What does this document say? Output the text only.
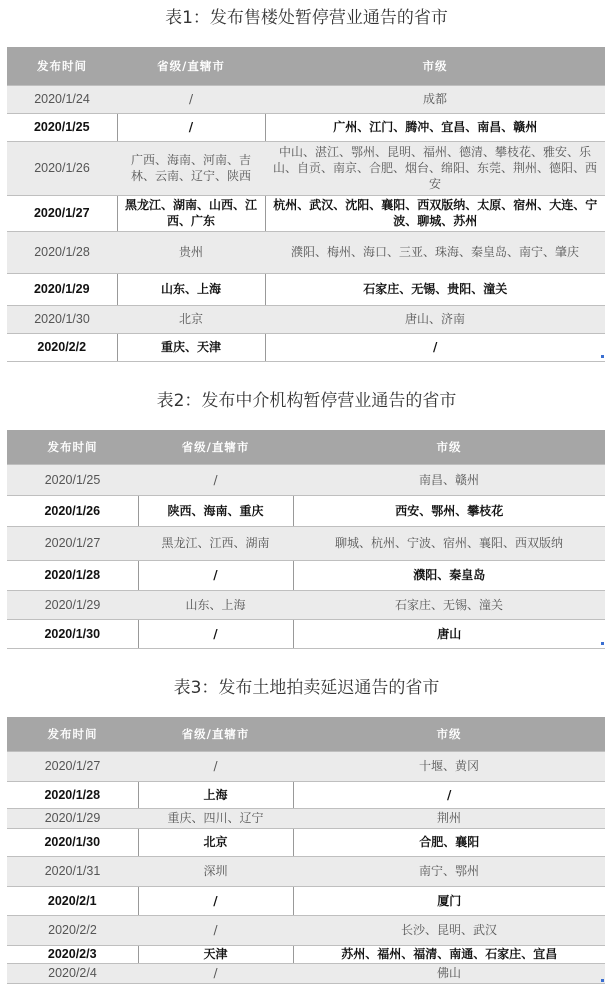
表1：发布售楼处暂停营业通告的省市
发布时间	省级/直辖市	市级
2020/1/24	/	成都
2020/1/25	/	广州、江门、腾冲、宜昌、南昌、赣州
2020/1/26	广西、海南、河南、吉林、云南、辽宁、陕西	中山、湛江、鄂州、昆明、福州、德清、攀枝花、雅安、乐山、自贡、南京、合肥、烟台、绵阳、东莞、荆州、德阳、西安
2020/1/27	黑龙江、湖南、山西、江西、广东	杭州、武汉、沈阳、襄阳、西双版纳、太原、宿州、大连、宁波、聊城、苏州
2020/1/28	贵州	濮阳、梅州、海口、三亚、珠海、秦皇岛、南宁、肇庆
2020/1/29	山东、上海	石家庄、无锡、贵阳、潼关
2020/1/30	北京	唐山、济南
2020/2/2	重庆、天津	/
表2：发布中介机构暂停营业通告的省市
发布时间	省级/直辖市	市级
2020/1/25	/	南昌、赣州
2020/1/26	陕西、海南、重庆	西安、鄂州、攀枝花
2020/1/27	黑龙江、江西、湖南	聊城、杭州、宁波、宿州、襄阳、西双版纳
2020/1/28	/	濮阳、秦皇岛
2020/1/29	山东、上海	石家庄、无锡、潼关
2020/1/30	/	唐山
表3：发布土地拍卖延迟通告的省市
发布时间	省级/直辖市	市级
2020/1/27	/	十堰、黄冈
2020/1/28	上海	/
2020/1/29	重庆、四川、辽宁	荆州
2020/1/30	北京	合肥、襄阳
2020/1/31	深圳	南宁、鄂州
2020/2/1	/	厦门
2020/2/2	/	长沙、昆明、武汉
2020/2/3	天津	苏州、福州、福清、南通、石家庄、宜昌
2020/2/4	/	佛山
